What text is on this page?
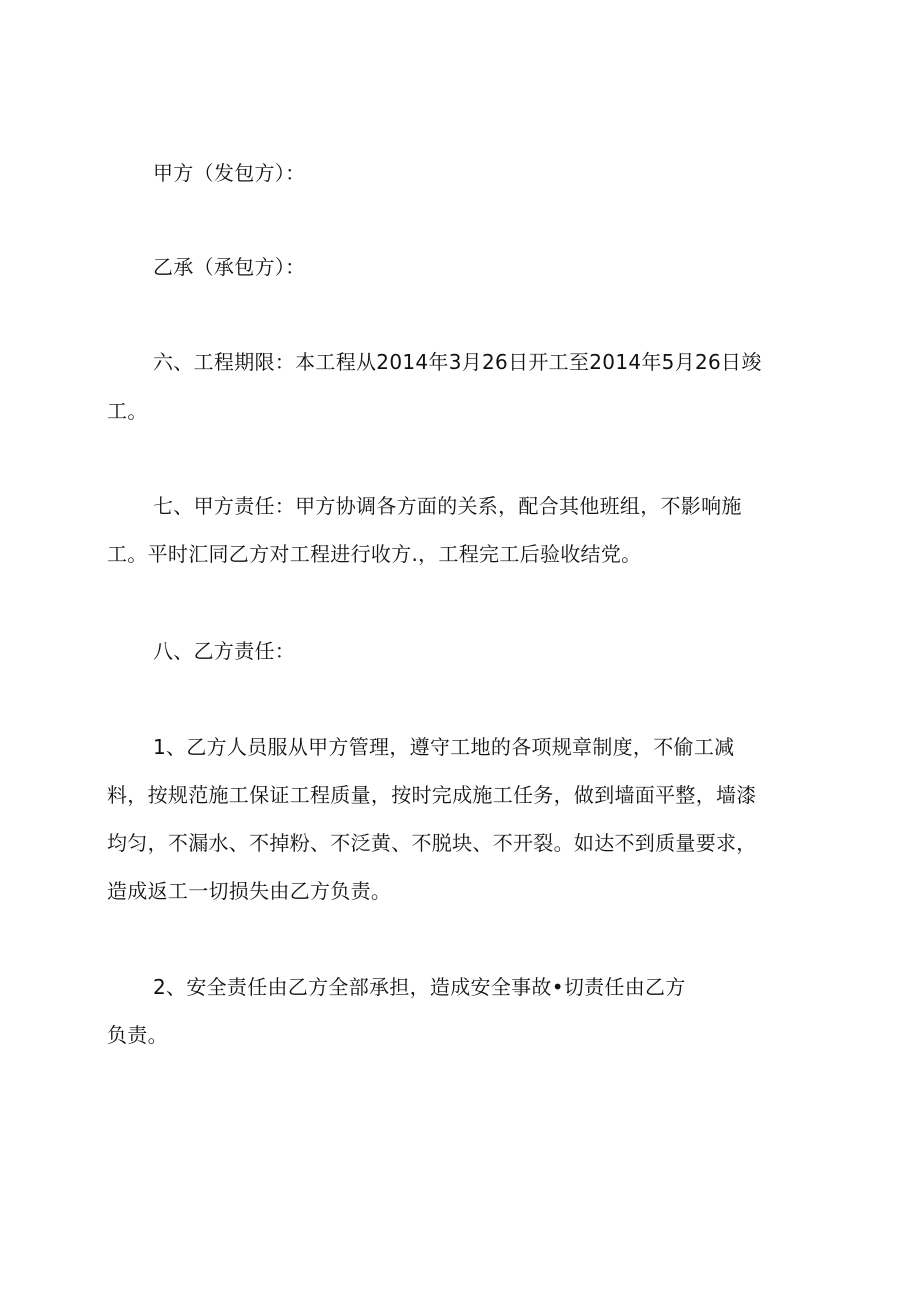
甲方（发包方）：
乙承（承包方）：
六、工程期限：本工程从2014年3月26日开工至2014年5月26日竣
工。
七、甲方责任：甲方协调各方面的关系，配合其他班组，不影响施
工。平时汇同乙方对工程进行收方.，工程完工后验收结党。
八、乙方责任：
1、乙方人员服从甲方管理，遵守工地的各项规章制度，不偷工减
料，按规范施工保证工程质量，按时完成施工任务，做到墙面平整，墙漆
均匀，不漏水、不掉粉、不泛黄、不脱块、不开裂。如达不到质量要求，
造成返工一切损失由乙方负责。
2、安全责任由乙方全部承担，造成安全事故•切责任由乙方
负责。
